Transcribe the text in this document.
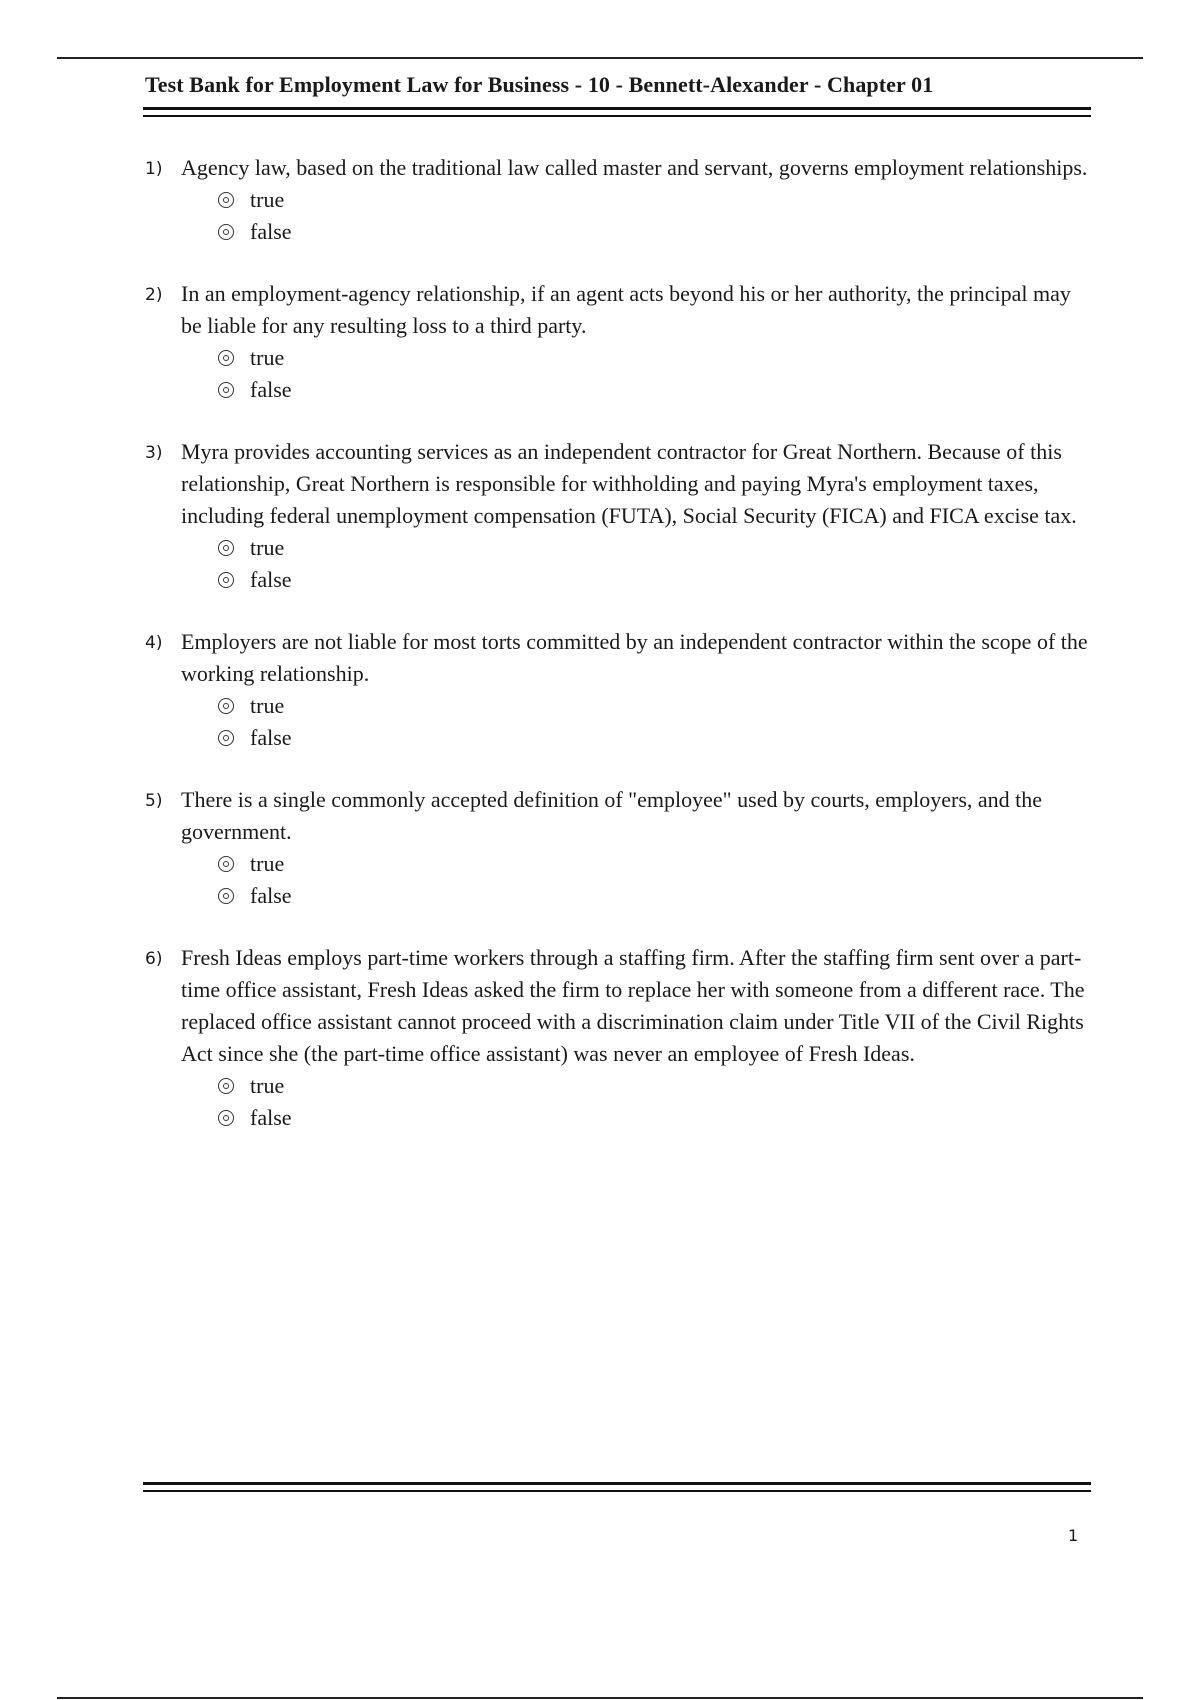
Test Bank for Employment Law for Business - 10 - Bennett-Alexander - Chapter 01
1) Agency law, based on the traditional law called master and servant, governs employment relationships.

true
false
2) In an employment-agency relationship, if an agent acts beyond his or her authority, the principal may be liable for any resulting loss to a third party.

true
false
3) Myra provides accounting services as an independent contractor for Great Northern. Because of this relationship, Great Northern is responsible for withholding and paying Myra's employment taxes, including federal unemployment compensation (FUTA), Social Security (FICA) and FICA excise tax.

true
false
4) Employers are not liable for most torts committed by an independent contractor within the scope of the working relationship.

true
false
5) There is a single commonly accepted definition of "employee" used by courts, employers, and the government.

true
false
6) Fresh Ideas employs part-time workers through a staffing firm. After the staffing firm sent over a part-time office assistant, Fresh Ideas asked the firm to replace her with someone from a different race. The replaced office assistant cannot proceed with a discrimination claim under Title VII of the Civil Rights Act since she (the part-time office assistant) was never an employee of Fresh Ideas.

true
false
1
